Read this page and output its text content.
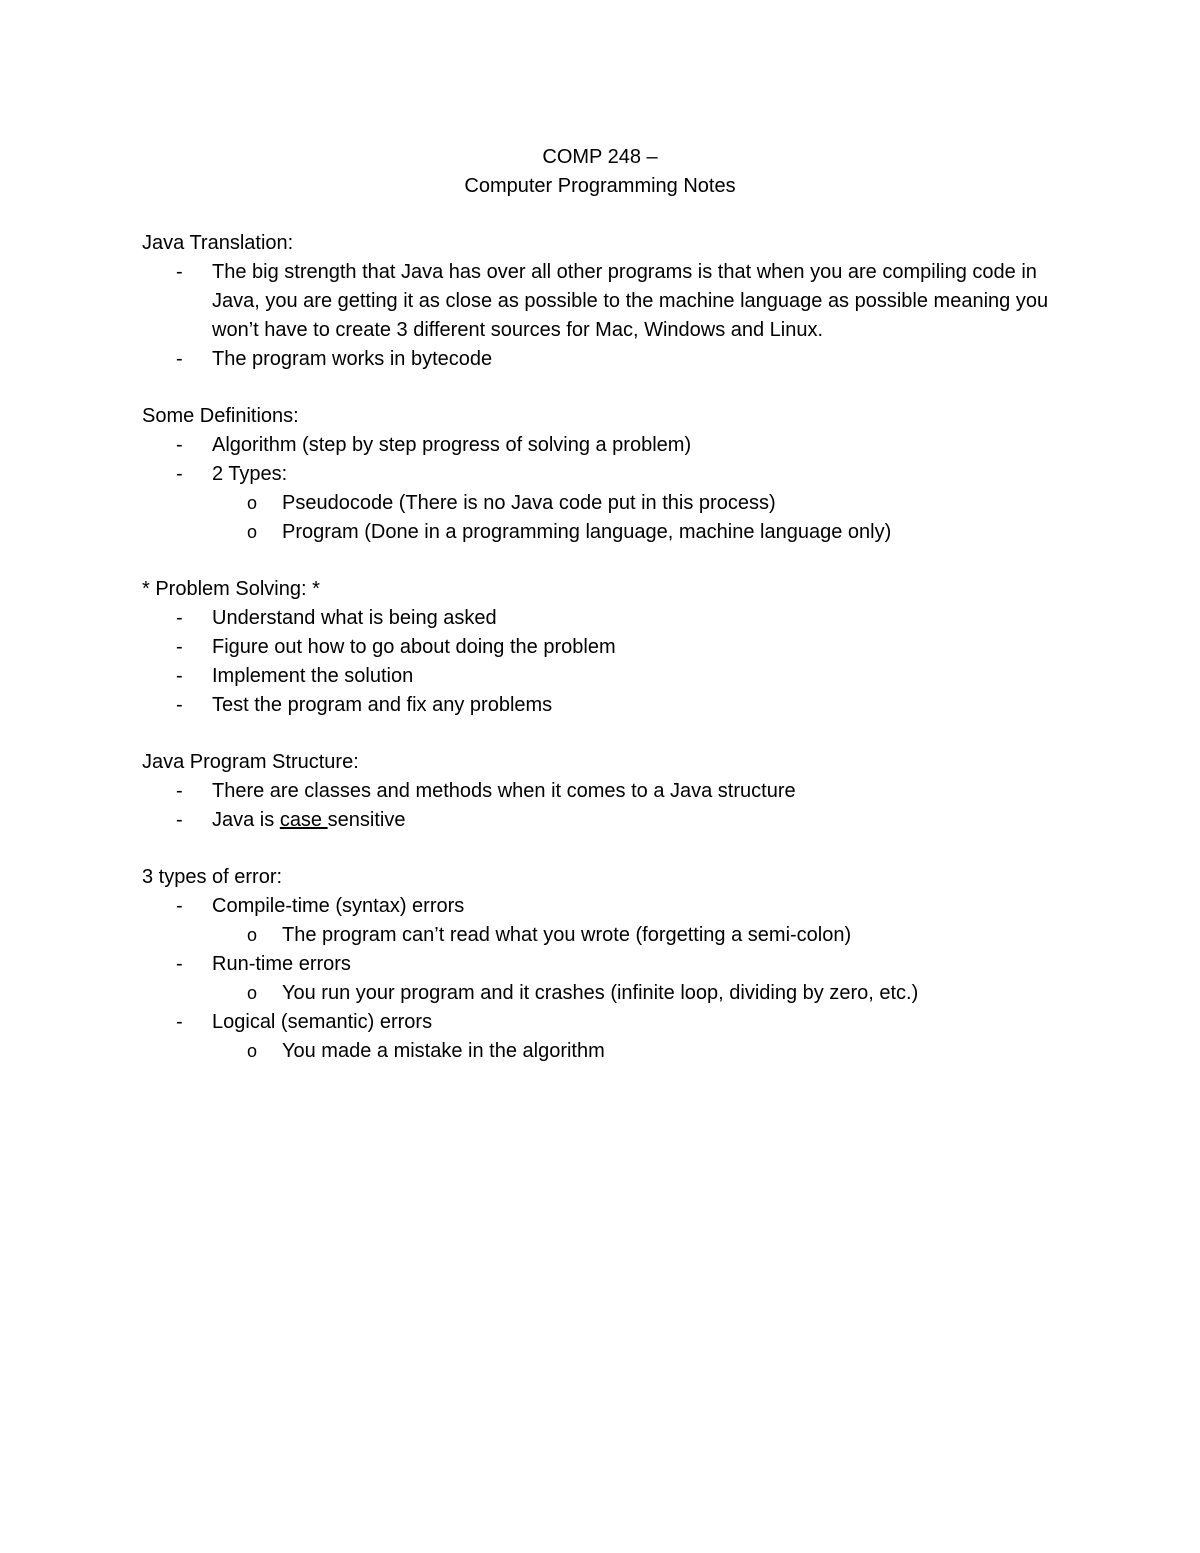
COMP 248 –
Computer Programming Notes
Java Translation:
- The big strength that Java has over all other programs is that when you are compiling code in Java, you are getting it as close as possible to the machine language as possible meaning you won’t have to create 3 different sources for Mac, Windows and Linux.
- The program works in bytecode
Some Definitions:
- Algorithm (step by step progress of solving a problem)
- 2 Types:
o Pseudocode (There is no Java code put in this process)
o Program (Done in a programming language, machine language only)
* Problem Solving: *
- Understand what is being asked
- Figure out how to go about doing the problem
- Implement the solution
- Test the program and fix any problems
Java Program Structure:
- There are classes and methods when it comes to a Java structure
- Java is case sensitive
3 types of error:
- Compile-time (syntax) errors
o The program can’t read what you wrote (forgetting a semi-colon)
- Run-time errors
o You run your program and it crashes (infinite loop, dividing by zero, etc.)
- Logical (semantic) errors
o You made a mistake in the algorithm
